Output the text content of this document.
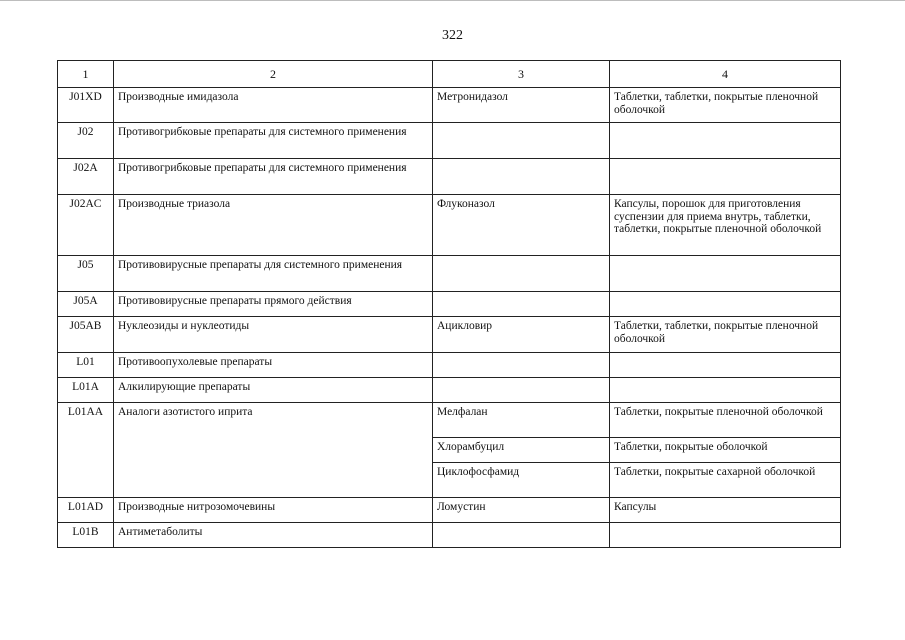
322
1	2	3	4
J01XD	Производные имидазола	Метронидазол	Таблетки, таблетки, покрытые пленочной оболочкой
J02	Противогрибковые препараты для системного применения		
J02A	Противогрибковые препараты для системного применения		
J02AC	Производные триазола	Флуконазол	Капсулы, порошок для приготовления суспензии для приема внутрь, таблетки, таблетки, покрытые пленочной оболочкой
J05	Противовирусные препараты для системного применения		
J05A	Противовирусные препараты прямого действия		
J05AB	Нуклеозиды и нуклеотиды	Ацикловир	Таблетки, таблетки, покрытые пленочной оболочкой
L01	Противоопухолевые препараты		
L01A	Алкилирующие препараты		
L01AA	Аналоги азотистого иприта	Мелфалан	Таблетки, покрытые пленочной оболочкой
		Хлорамбуцил	Таблетки, покрытые оболочкой
		Циклофосфамид	Таблетки, покрытые сахарной оболочкой
L01AD	Производные нитрозомочевины	Ломустин	Капсулы
L01B	Антиметаболиты		
